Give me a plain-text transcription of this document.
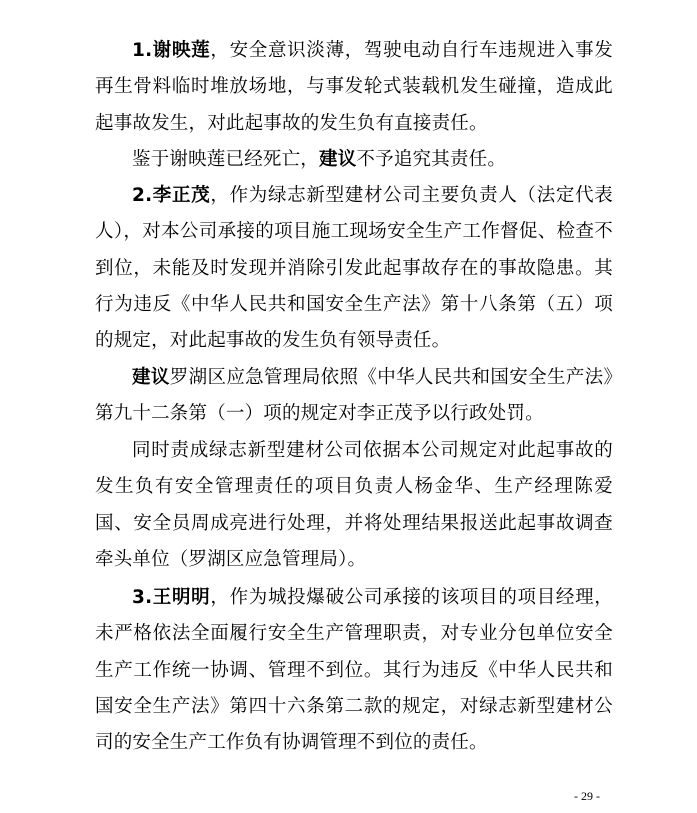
1.谢映莲，安全意识淡薄，驾驶电动自行车违规进入事发再生骨料临时堆放场地，与事发轮式装载机发生碰撞，造成此起事故发生，对此起事故的发生负有直接责任。

鉴于谢映莲已经死亡，建议不予追究其责任。

2.李正茂，作为绿志新型建材公司主要负责人（法定代表人），对本公司承接的项目施工现场安全生产工作督促、检查不到位，未能及时发现并消除引发此起事故存在的事故隐患。其行为违反《中华人民共和国安全生产法》第十八条第（五）项的规定，对此起事故的发生负有领导责任。

建议罗湖区应急管理局依照《中华人民共和国安全生产法》第九十二条第（一）项的规定对李正茂予以行政处罚。

同时责成绿志新型建材公司依据本公司规定对此起事故的发生负有安全管理责任的项目负责人杨金华、生产经理陈爱国、安全员周成亮进行处理，并将处理结果报送此起事故调查牵头单位（罗湖区应急管理局）。

3.王明明，作为城投爆破公司承接的该项目的项目经理，未严格依法全面履行安全生产管理职责，对专业分包单位安全生产工作统一协调、管理不到位。其行为违反《中华人民共和国安全生产法》第四十六条第二款的规定，对绿志新型建材公司的安全生产工作负有协调管理不到位的责任。

- 29 -
